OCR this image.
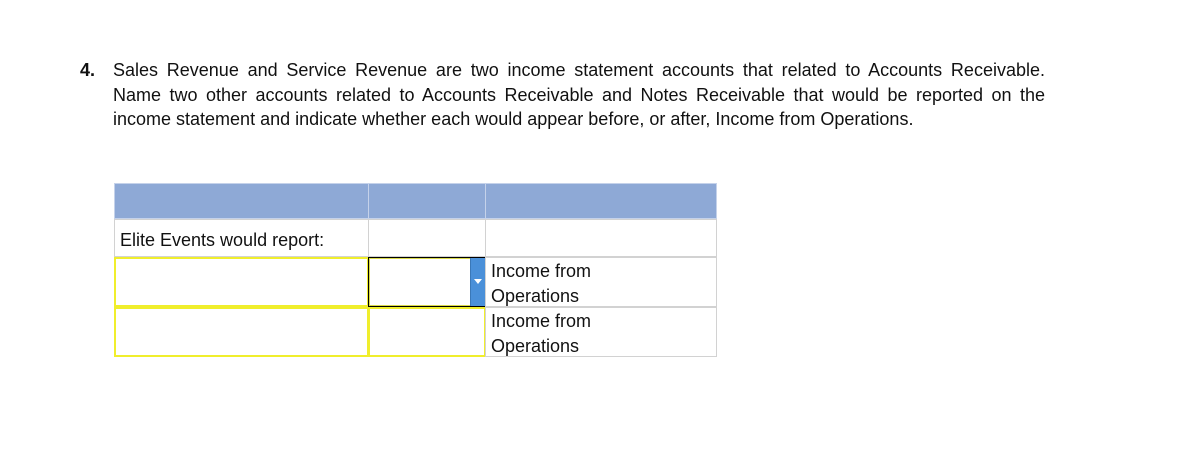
4. Sales Revenue and Service Revenue are two income statement accounts that related to Accounts Receivable. Name two other accounts related to Accounts Receivable and Notes Receivable that would be reported on the income statement and indicate whether each would appear before, or after, Income from Operations.
Elite Events would report:
Income from Operations
Income from Operations
